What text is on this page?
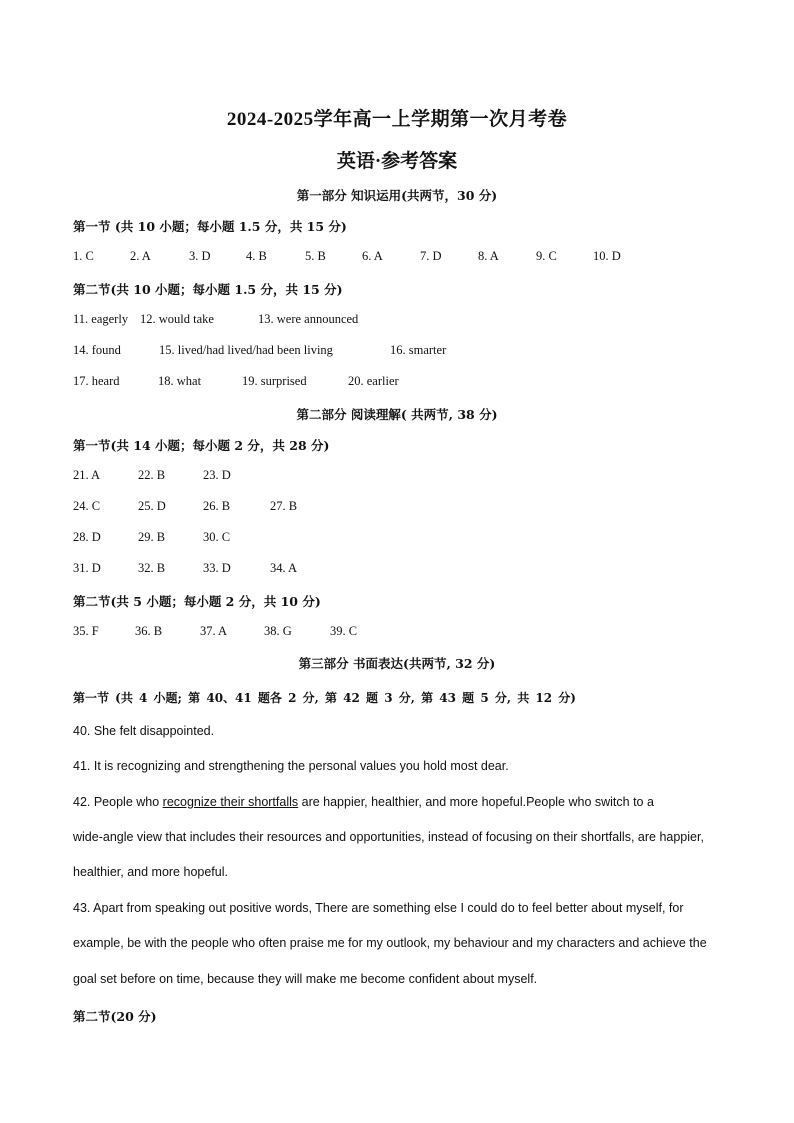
2024-2025学年高一上学期第一次月考卷
英语·参考答案
第一部分 知识运用(共两节，30 分)
第一节 (共 10 小题；每小题 1.5 分，共 15 分)
1. C	2. A	3. D	4. B	5. B	6. A	7. D	8. A	9. C	10. D
第二节(共 10 小题；每小题 1.5 分，共 15 分)
11. eagerly 12. would take	13. were announced
14. found	15. lived/had lived/had been living	16. smarter
17. heard	18. what	19. surprised	20. earlier
第二部分 阅读理解( 共两节, 38 分)
第一节(共 14 小题；每小题 2 分，共 28 分)
21. A	22. B	23. D
24. C	25. D	26. B	27. B
28. D	29. B	30. C
31. D	32. B	33. D	34. A
第二节(共 5 小题；每小题 2 分，共 10 分)
35. F	36. B	37. A	38. G	39. C
第三部分 书面表达(共两节, 32 分)
第一节 (共 4 小题; 第 40、41 题各 2 分, 第 42 题 3 分, 第 43 题 5 分, 共 12 分)
40. She felt disappointed.
41. It is recognizing and strengthening the personal values you hold most dear.
42. People who recognize their shortfalls are happier, healthier, and more hopeful.People who switch to a
wide-angle view that includes their resources and opportunities, instead of focusing on their shortfalls, are happier,
healthier, and more hopeful.
43. Apart from speaking out positive words, There are something else I could do to feel better about myself, for
example, be with the people who often praise me for my outlook, my behaviour and my characters and achieve the
goal set before on time, because they will make me become confident about myself.
第二节(20 分)
